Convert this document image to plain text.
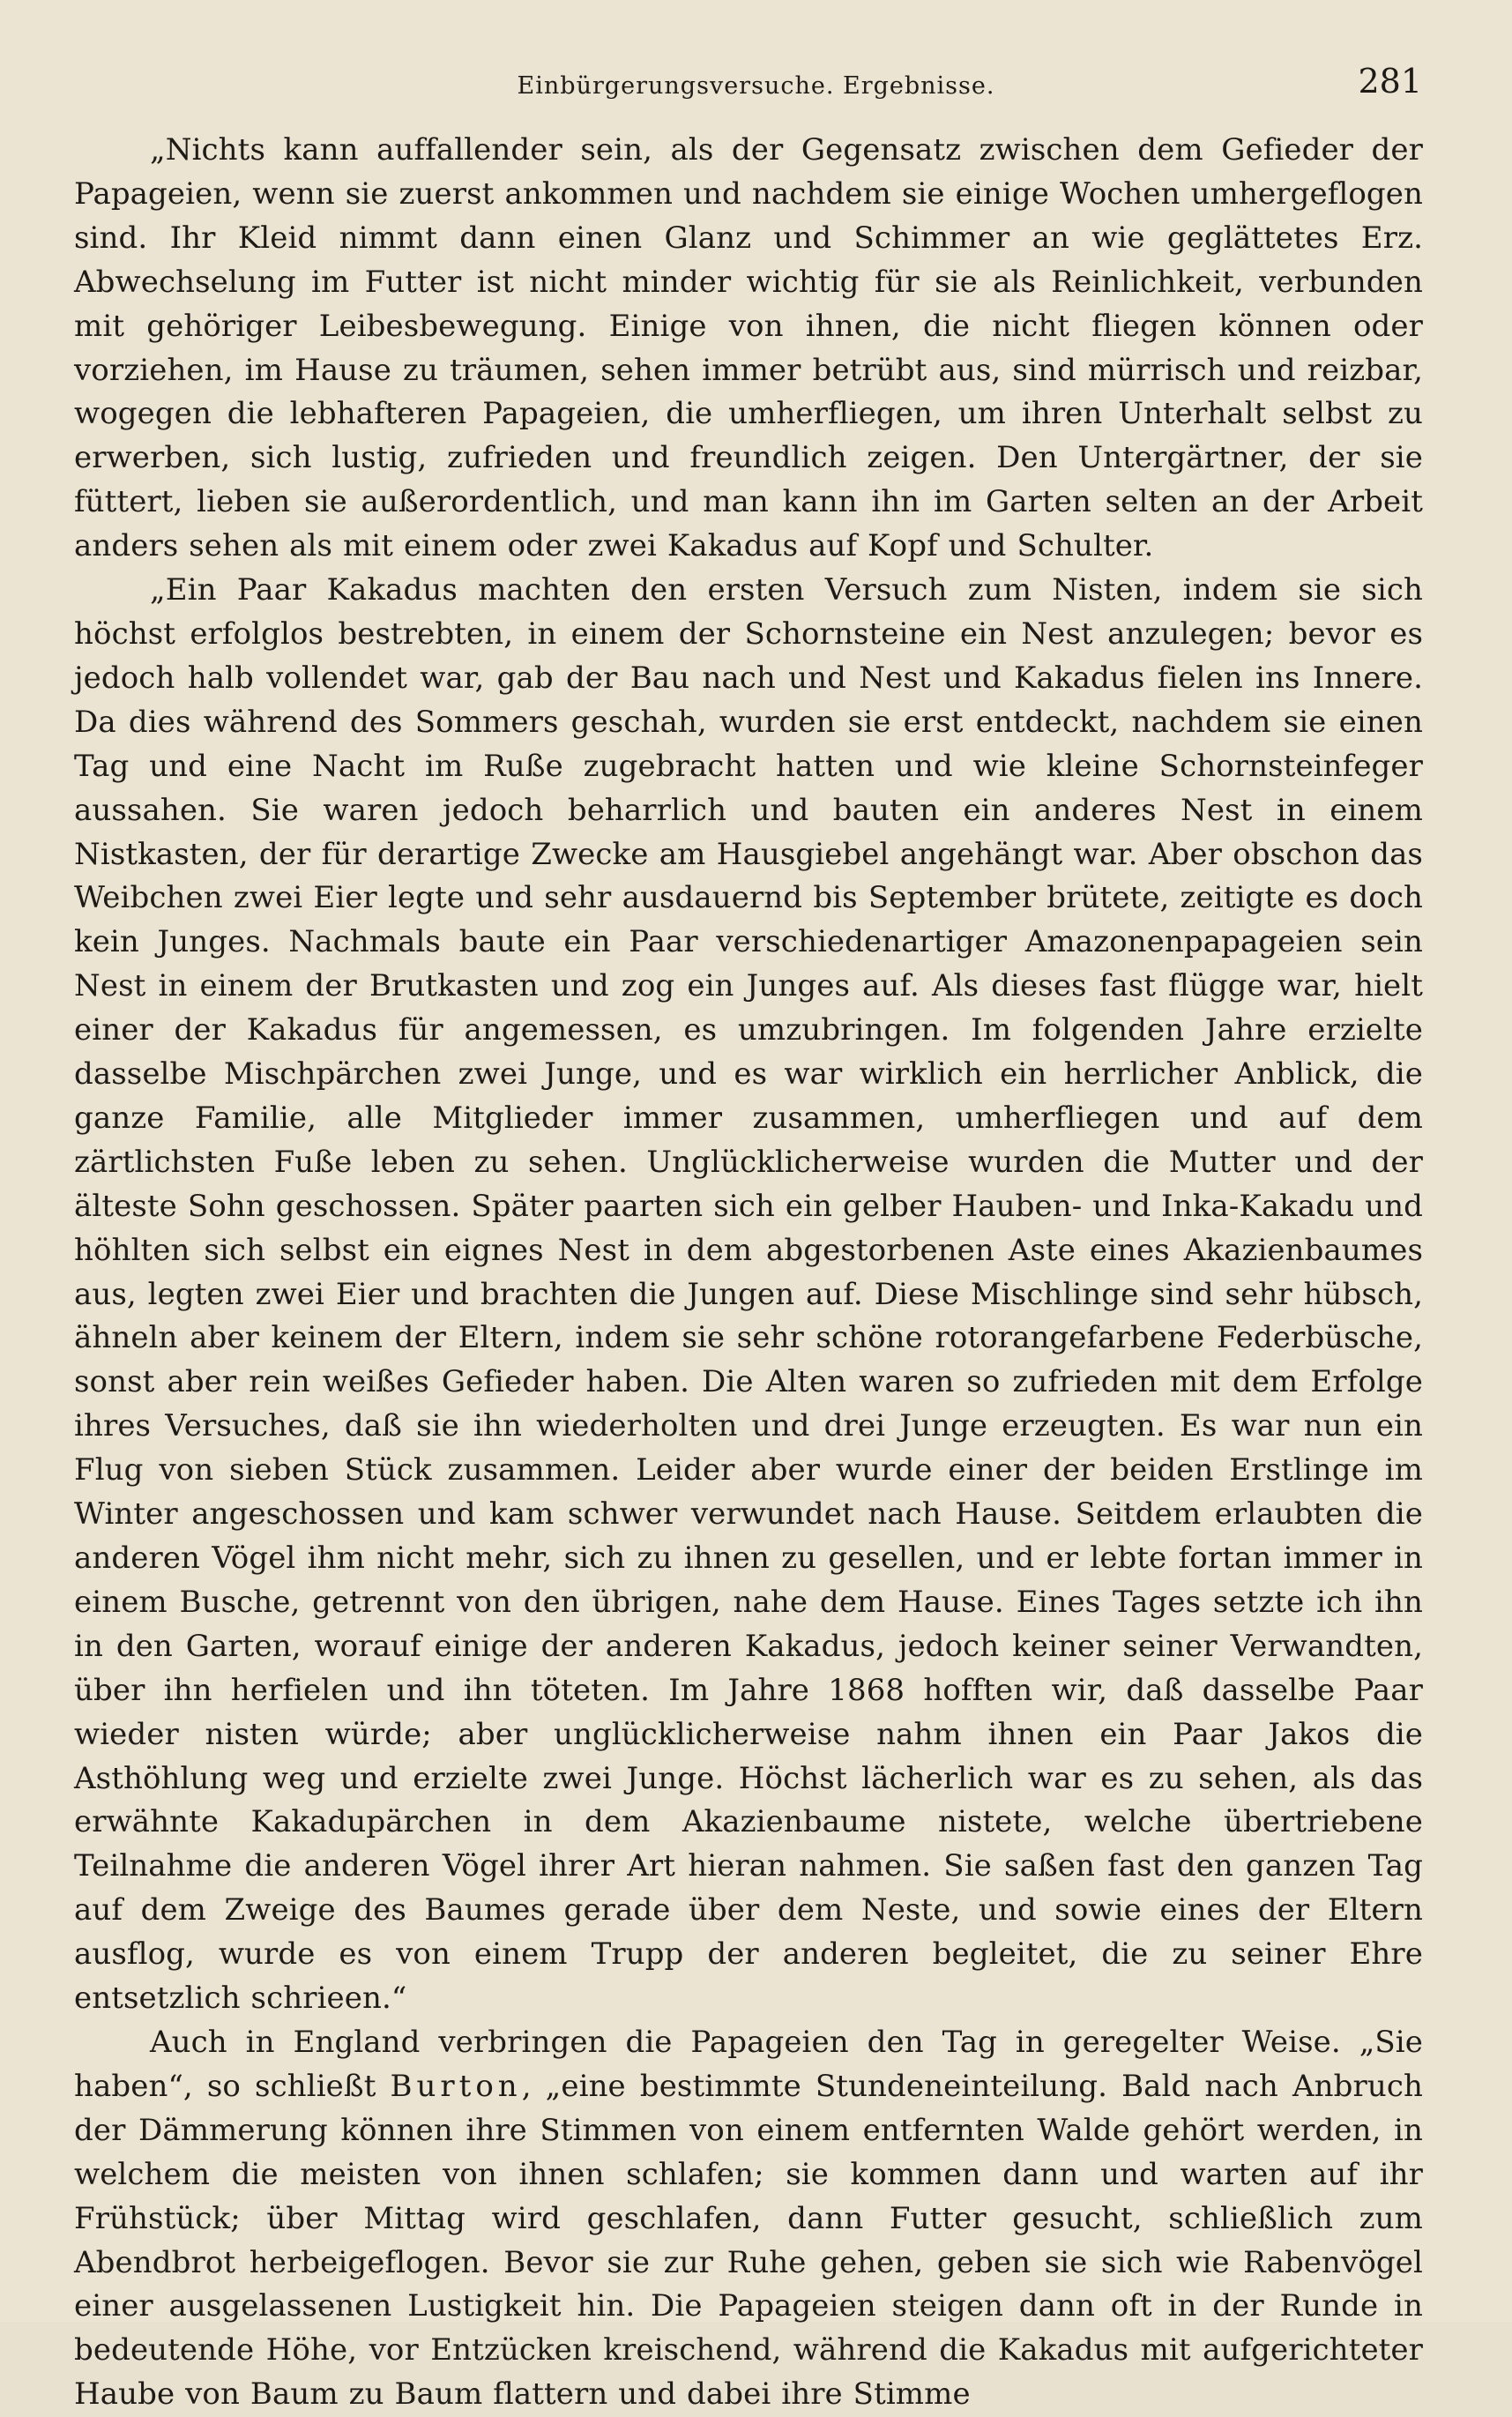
Einbürgerungsversuche. Ergebnisse.	281

„Nichts kann auffallender sein, als der Gegensatz zwischen dem Gefieder der Papageien, wenn sie zuerst ankommen und nachdem sie einige Wochen umhergeflogen sind. Ihr Kleid nimmt dann einen Glanz und Schimmer an wie geglättetes Erz. Abwechselung im Futter ist nicht minder wichtig für sie als Reinlichkeit, verbunden mit gehöriger Leibesbewegung. Einige von ihnen, die nicht fliegen können oder vorziehen, im Hause zu träumen, sehen immer betrübt aus, sind mürrisch und reizbar, wogegen die lebhafteren Papageien, die umherfliegen, um ihren Unterhalt selbst zu erwerben, sich lustig, zufrieden und freundlich zeigen. Den Untergärtner, der sie füttert, lieben sie außerordentlich, und man kann ihn im Garten selten an der Arbeit anders sehen als mit einem oder zwei Kakadus auf Kopf und Schulter.

„Ein Paar Kakadus machten den ersten Versuch zum Nisten, indem sie sich höchst erfolglos bestrebten, in einem der Schornsteine ein Nest anzulegen; bevor es jedoch halb vollendet war, gab der Bau nach und Nest und Kakadus fielen ins Innere. Da dies während des Sommers geschah, wurden sie erst entdeckt, nachdem sie einen Tag und eine Nacht im Ruße zugebracht hatten und wie kleine Schornsteinfeger aussahen. Sie waren jedoch beharrlich und bauten ein anderes Nest in einem Nistkasten, der für derartige Zwecke am Hausgiebel angehängt war. Aber obschon das Weibchen zwei Eier legte und sehr ausdauernd bis September brütete, zeitigte es doch kein Junges. Nachmals baute ein Paar verschiedenartiger Amazonenpapageien sein Nest in einem der Brutkasten und zog ein Junges auf. Als dieses fast flügge war, hielt einer der Kakadus für angemessen, es umzubringen. Im folgenden Jahre erzielte dasselbe Mischpärchen zwei Junge, und es war wirklich ein herrlicher Anblick, die ganze Familie, alle Mitglieder immer zusammen, umherfliegen und auf dem zärtlichsten Fuße leben zu sehen. Unglücklicherweise wurden die Mutter und der älteste Sohn geschossen. Später paarten sich ein gelber Hauben- und Inka-Kakadu und höhlten sich selbst ein eignes Nest in dem abgestorbenen Aste eines Akazienbaumes aus, legten zwei Eier und brachten die Jungen auf. Diese Mischlinge sind sehr hübsch, ähneln aber keinem der Eltern, indem sie sehr schöne rotorangefarbene Federbüsche, sonst aber rein weißes Gefieder haben. Die Alten waren so zufrieden mit dem Erfolge ihres Versuches, daß sie ihn wiederholten und drei Junge erzeugten. Es war nun ein Flug von sieben Stück zusammen. Leider aber wurde einer der beiden Erstlinge im Winter angeschossen und kam schwer verwundet nach Hause. Seitdem erlaubten die anderen Vögel ihm nicht mehr, sich zu ihnen zu gesellen, und er lebte fortan immer in einem Busche, getrennt von den übrigen, nahe dem Hause. Eines Tages setzte ich ihn in den Garten, worauf einige der anderen Kakadus, jedoch keiner seiner Verwandten, über ihn herfielen und ihn töteten. Im Jahre 1868 hofften wir, daß dasselbe Paar wieder nisten würde; aber unglücklicherweise nahm ihnen ein Paar Jakos die Asthöhlung weg und erzielte zwei Junge. Höchst lächerlich war es zu sehen, als das erwähnte Kakadupärchen in dem Akazienbaume nistete, welche übertriebene Teilnahme die anderen Vögel ihrer Art hieran nahmen. Sie saßen fast den ganzen Tag auf dem Zweige des Baumes gerade über dem Neste, und sowie eines der Eltern ausflog, wurde es von einem Trupp der anderen begleitet, die zu seiner Ehre entsetzlich schrieen.“

Auch in England verbringen die Papageien den Tag in geregelter Weise. „Sie haben“, so schließt Burton, „eine bestimmte Stundeneinteilung. Bald nach Anbruch der Dämmerung können ihre Stimmen von einem entfernten Walde gehört werden, in welchem die meisten von ihnen schlafen; sie kommen dann und warten auf ihr Frühstück; über Mittag wird geschlafen, dann Futter gesucht, schließlich zum Abendbrot herbeigeflogen. Bevor sie zur Ruhe gehen, geben sie sich wie Rabenvögel einer ausgelassenen Lustigkeit hin. Die Papageien steigen dann oft in der Runde in bedeutende Höhe, vor Entzücken kreischend, während die Kakadus mit aufgerichteter Haube von Baum zu Baum flattern und dabei ihre Stimme
